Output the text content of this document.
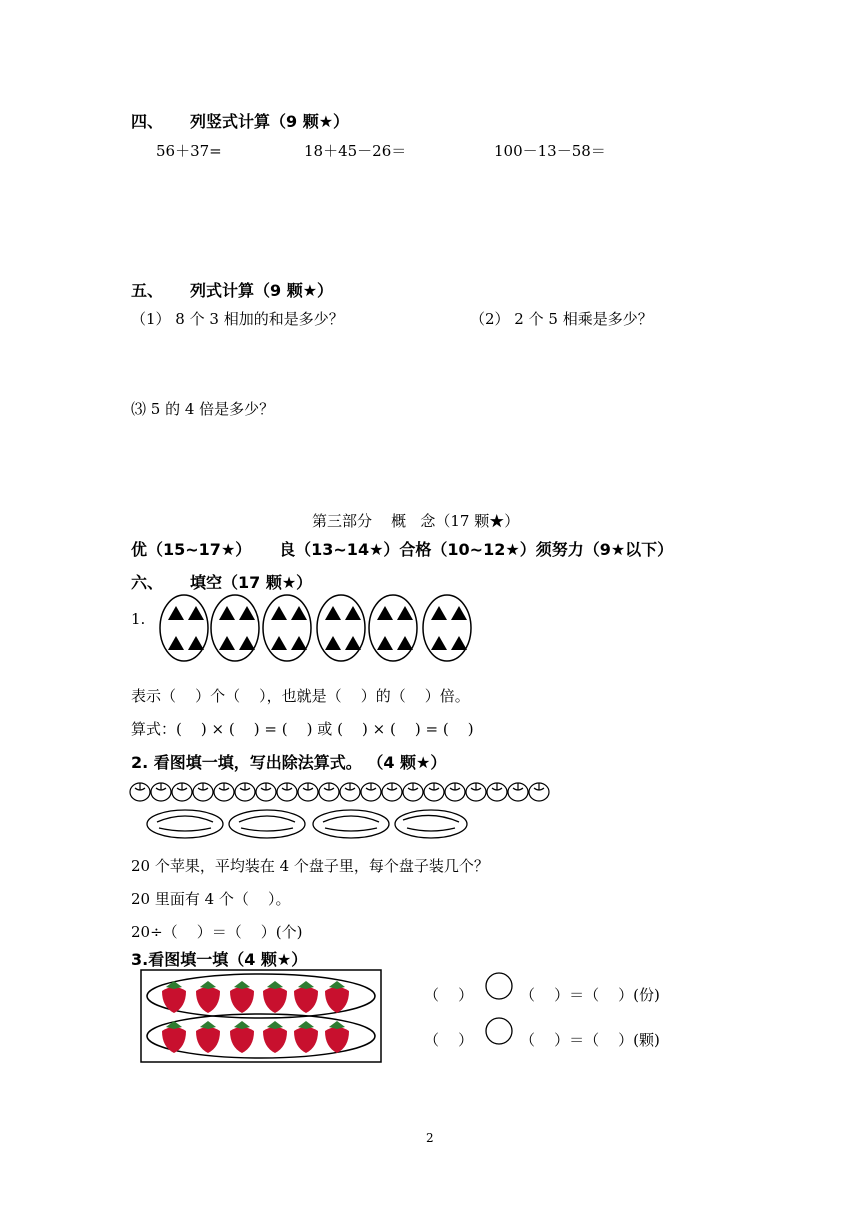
四、 列竖式计算（9 颗★）
56＋37=	18＋45－26＝	100－13－58＝
五、 列式计算（9 颗★）
（1） 8 个 3 相加的和是多少？	（2） 2 个 5 相乘是多少？
⑶ 5 的 4 倍是多少？
第三部分    概   念（17 颗★）
优（15~17★）     良（13~14★）合格（10~12★）须努力（9★以下）
六、 填空（17 颗★）
1.
表示（    ）个（    ），也就是（    ）的（    ）倍。
算式：(    ) × (    ) = (    ) 或 (    ) × (    ) = (    )
2. 看图填一填，写出除法算式。 （4 颗★）
20 个苹果，平均装在 4 个盘子里，每个盘子装几个？
20 里面有 4 个（    ）。
20÷（    ）＝（    ）(个)
3.看图填一填（4 颗★）
（    ）	（    ）＝（    ）(份)
（    ）	（    ）＝（    ）(颗)
2
